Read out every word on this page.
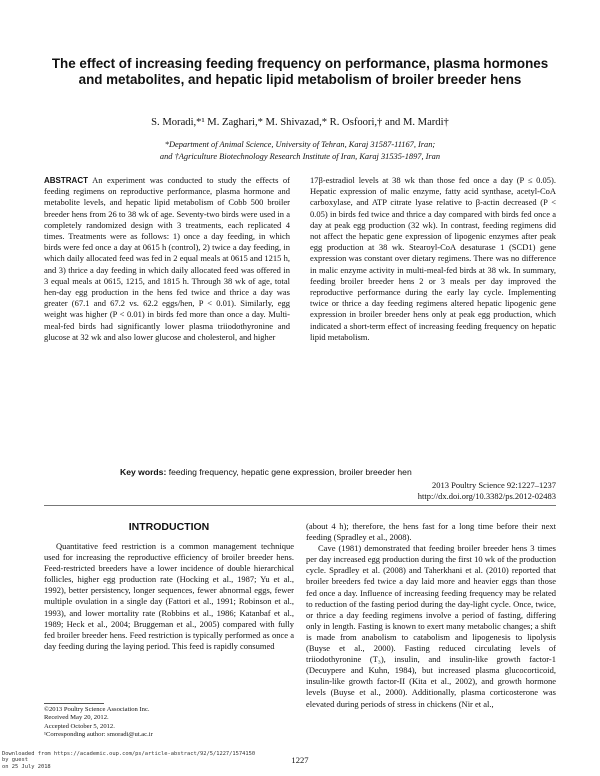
The effect of increasing feeding frequency on performance, plasma hormones and metabolites, and hepatic lipid metabolism of broiler breeder hens
S. Moradi,*¹ M. Zaghari,* M. Shivazad,* R. Osfoori,† and M. Mardi†
*Department of Animal Science, University of Tehran, Karaj 31587-11167, Iran;
and †Agriculture Biotechnology Research Institute of Iran, Karaj 31535-1897, Iran

ABSTRACT An experiment was conducted to study the effects of feeding regimens on reproductive performance, plasma hormone and metabolite levels, and hepatic lipid metabolism of Cobb 500 broiler breeder hens from 26 to 38 wk of age. Seventy-two birds were used in a completely randomized design with 3 treatments, each replicated 4 times. Treatments were as follows: 1) once a day feeding, in which birds were fed once a day at 0615 h (control), 2) twice a day feeding, in which daily allocated feed was fed in 2 equal meals at 0615 and 1215 h, and 3) thrice a day feeding in which daily allocated feed was offered in 3 equal meals at 0615, 1215, and 1815 h. Through 38 wk of age, total hen-day egg production in the hens fed twice and thrice a day was greater (67.1 and 67.2 vs. 62.2 eggs/hen, P < 0.01). Similarly, egg weight was higher (P < 0.01) in birds fed more than once a day. Multi-meal-fed birds had significantly lower plasma triiodothyronine and glucose at 32 wk and also lower glucose and cholesterol, and higher

17β-estradiol levels at 38 wk than those fed once a day (P ≤ 0.05). Hepatic expression of malic enzyme, fatty acid synthase, acetyl-CoA carboxylase, and ATP citrate lyase relative to β-actin decreased (P < 0.05) in birds fed twice and thrice a day compared with birds fed once a day at peak egg production (32 wk). In contrast, feeding regimens did not affect the hepatic gene expression of lipogenic enzymes after peak egg production at 38 wk. Stearoyl-CoA desaturase 1 (SCD1) gene expression was constant over dietary regimens. There was no difference in malic enzyme activity in multi-meal-fed birds at 38 wk. In summary, feeding broiler breeder hens 2 or 3 meals per day improved the reproductive performance during the early lay cycle. Implementing twice or thrice a day feeding regimens altered hepatic lipogenic gene expression in broiler breeder hens only at peak egg production, which indicated a short-term effect of increasing feeding frequency on hepatic lipid metabolism.

Key words: feeding frequency, hepatic gene expression, broiler breeder hen
2013 Poultry Science 92:1227–1237
http://dx.doi.org/10.3382/ps.2012-02483
INTRODUCTION

Quantitative feed restriction is a common management technique used for increasing the reproductive efficiency of broiler breeder hens. Feed-restricted breeders have a lower incidence of double hierarchical follicles, higher egg production rate (Hocking et al., 1987; Yu et al., 1992), better persistency, longer sequences, fewer abnormal eggs, fewer multiple ovulation in a single day (Fattori et al., 1991; Robinson et al., 1993), and lower mortality rate (Robbins et al., 1986; Katanbaf et al., 1989; Heck et al., 2004; Bruggeman et al., 2005) compared with fully fed broiler breeder hens. Feed restriction is typically performed as once a day feeding during the laying period. This feed is rapidly consumed

(about 4 h); therefore, the hens fast for a long time before their next feeding (Spradley et al., 2008).

Cave (1981) demonstrated that feeding broiler breeder hens 3 times per day increased egg production during the first 10 wk of the production cycle. Spradley et al. (2008) and Taherkhani et al. (2010) reported that broiler breeders fed twice a day laid more and heavier eggs than those fed once a day. Influence of increasing feeding frequency may be related to reduction of the fasting period during the day-light cycle. Once, twice, or thrice a day feeding regimens involve a period of fasting, differing only in length. Fasting is known to exert many metabolic changes; a shift is made from anabolism to catabolism and lipogenesis to lipolysis (Buyse et al., 2000). Fasting reduced circulating levels of triiodothyronine (T₃), insulin, and insulin-like growth factor-1 (Decuypere and Kuhn, 1984), but increased plasma glucocorticoid, insulin-like growth factor-II (Kita et al., 2002), and growth hormone levels (Buyse et al., 2000). Additionally, plasma corticosterone was elevated during periods of stress in chickens (Nir et al.,

©2013 Poultry Science Association Inc.
Received May 20, 2012.
Accepted October 5, 2012.
¹Corresponding author: smoradi@ut.ac.ir
1227
Downloaded from https://academic.oup.com/ps/article-abstract/92/5/1227/1574150
by guest
on 25 July 2018
